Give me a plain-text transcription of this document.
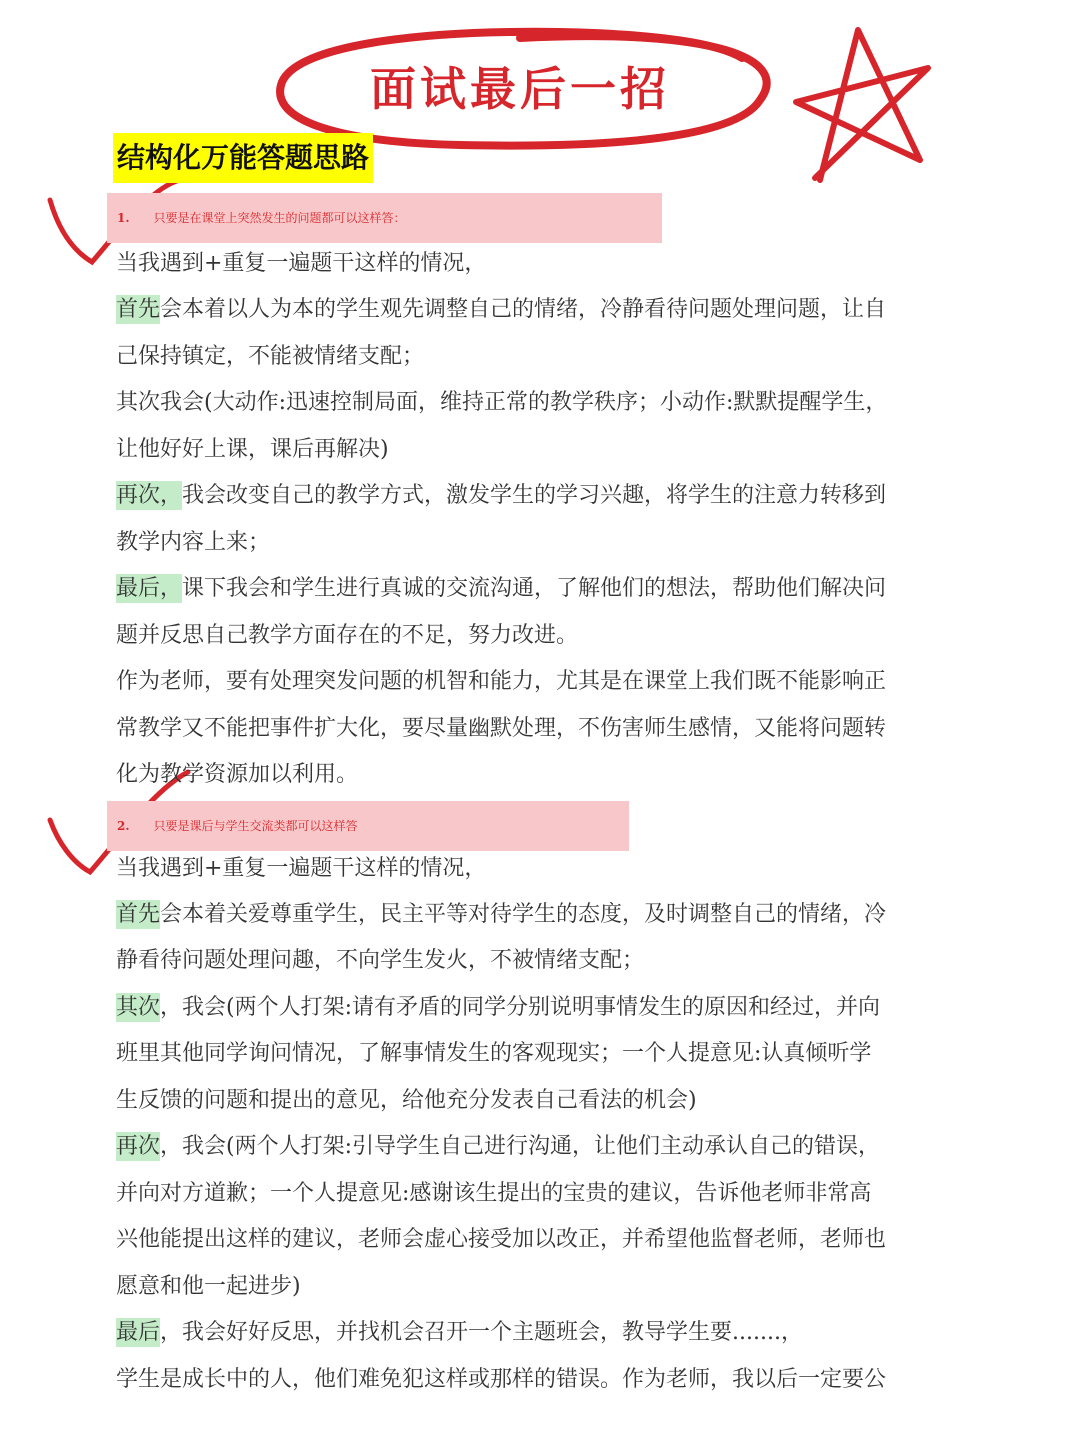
面试最后一招
结构化万能答题思路
1. 只要是在课堂上突然发生的问题都可以这样答：
当我遇到+重复一遍题干这样的情况，
首先会本着以人为本的学生观先调整自己的情绪，冷静看待问题处理问题，让自
己保持镇定，不能被情绪支配；
其次我会(大动作:迅速控制局面，维持正常的教学秩序；小动作:默默提醒学生，
让他好好上课，课后再解决)
再次，我会改变自己的教学方式，激发学生的学习兴趣，将学生的注意力转移到
教学内容上来；
最后，课下我会和学生进行真诚的交流沟通，了解他们的想法，帮助他们解决问
题并反思自己教学方面存在的不足，努力改进。
作为老师，要有处理突发问题的机智和能力，尤其是在课堂上我们既不能影响正
常教学又不能把事件扩大化，要尽量幽默处理，不伤害师生感情，又能将问题转
化为教学资源加以利用。
2. 只要是课后与学生交流类都可以这样答
当我遇到+重复一遍题干这样的情况，
首先会本着关爱尊重学生，民主平等对待学生的态度，及时调整自己的情绪，冷
静看待问题处理问趣，不向学生发火，不被情绪支配；
其次，我会(两个人打架:请有矛盾的同学分别说明事情发生的原因和经过，并向
班里其他同学询问情况，了解事情发生的客观现实；一个人提意见:认真倾听学
生反馈的问题和提出的意见，给他充分发表自己看法的机会)
再次，我会(两个人打架:引导学生自己进行沟通，让他们主动承认自己的错误，
并向对方道歉；一个人提意见:感谢该生提出的宝贵的建议，告诉他老师非常高
兴他能提出这样的建议，老师会虚心接受加以改正，并希望他监督老师，老师也
愿意和他一起进步)
最后，我会好好反思，并找机会召开一个主题班会，教导学生要.......，
学生是成长中的人，他们难免犯这样或那样的错误。作为老师，我以后一定要公
